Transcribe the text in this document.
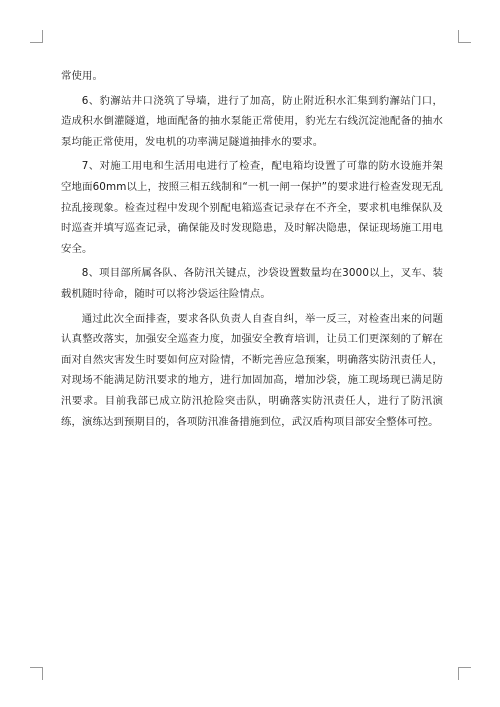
常使用。

6、豹澥站井口浇筑了导墙，进行了加高，防止附近积水汇集到豹澥站门口，造成积水倒灌隧道，地面配备的抽水泵能正常使用，豹光左右线沉淀池配备的抽水泵均能正常使用，发电机的功率满足隧道抽排水的要求。

7、对施工用电和生活用电进行了检查，配电箱均设置了可靠的防水设施并架空地面60mm以上，按照三相五线制和“一机一闸一保护”的要求进行检查发现无乱拉乱接现象。检查过程中发现个别配电箱巡查记录存在不齐全，要求机电维保队及时巡查并填写巡查记录，确保能及时发现隐患，及时解决隐患，保证现场施工用电安全。

8、项目部所属各队、各防汛关键点，沙袋设置数量均在3000以上，叉车、装载机随时待命，随时可以将沙袋运往险情点。

通过此次全面排查，要求各队负责人自查自纠，举一反三，对检查出来的问题认真整改落实，加强安全巡查力度，加强安全教育培训，让员工们更深刻的了解在面对自然灾害发生时要如何应对险情，不断完善应急预案，明确落实防汛责任人，对现场不能满足防汛要求的地方，进行加固加高，增加沙袋，施工现场现已满足防汛要求。目前我部已成立防汛抢险突击队，明确落实防汛责任人，进行了防汛演练，演练达到预期目的，各项防汛准备措施到位，武汉盾构项目部安全整体可控。
